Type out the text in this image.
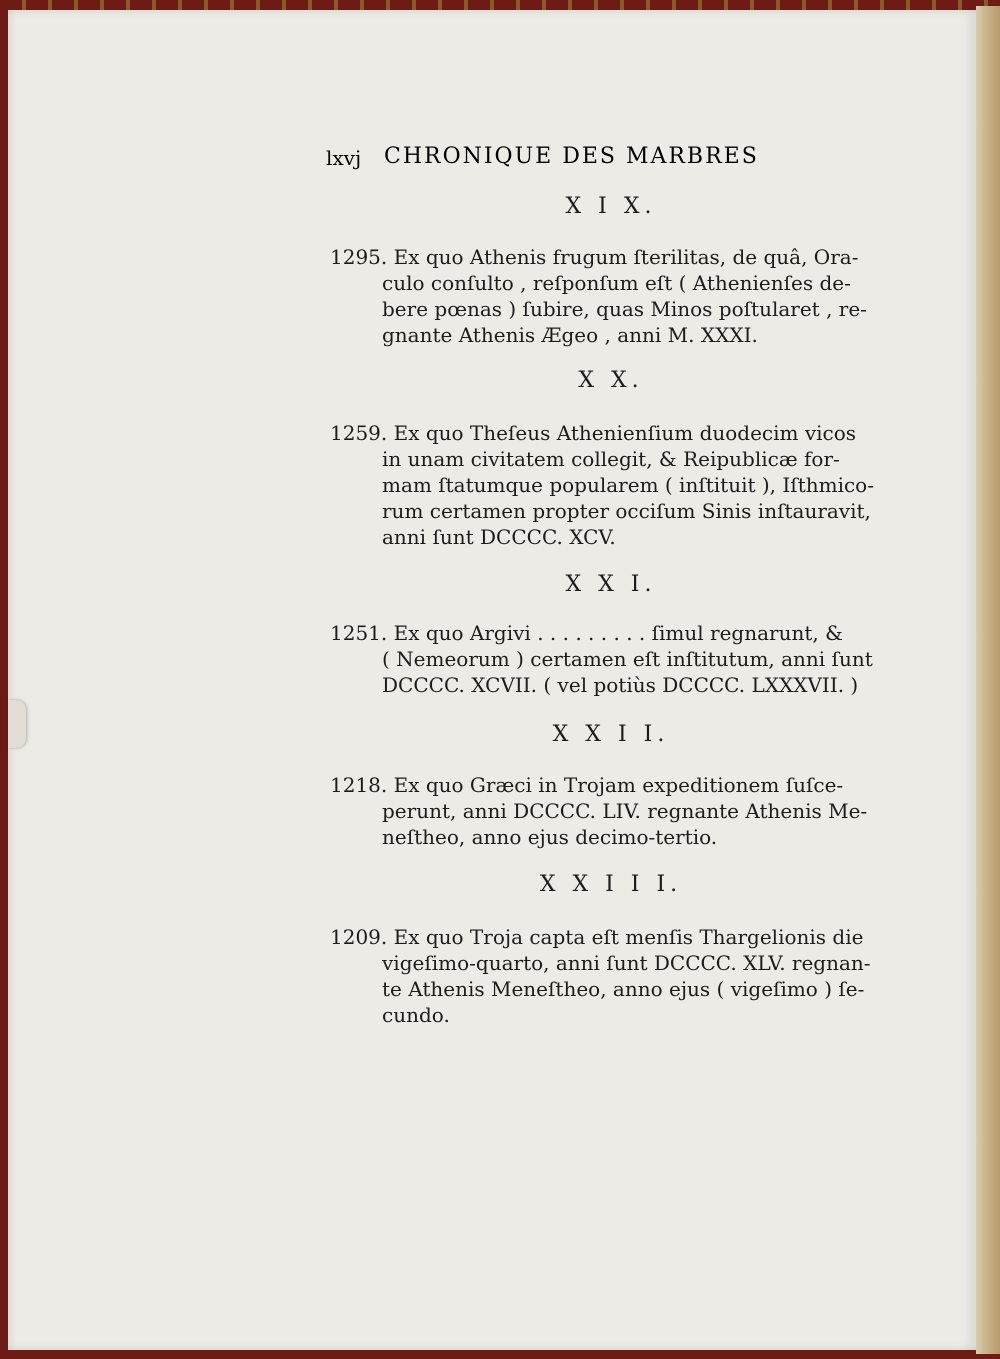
lxvj CHRONIQUE DES MARBRES
X I X.
1295. Ex quo Athenis frugum ſterilitas, de quâ, Ora-
culo conſulto , reſponſum eſt ( Athenienſes de-
bere pœnas ) ſubire, quas Minos poſtularet , re-
gnante Athenis Ægeo , anni M. XXXI.
X X.
1259. Ex quo Theſeus Athenienſium duodecim vicos
in unam civitatem collegit, & Reipublicæ for-
mam ſtatumque popularem ( inſtituit ), Iſthmico-
rum certamen propter occiſum Sinis inſtauravit,
anni ſunt DCCCC. XCV.
X X I.
1251. Ex quo Argivi . . . . . . . . . ſimul regnarunt, &
( Nemeorum ) certamen eſt inſtitutum, anni ſunt
DCCCC. XCVII. ( vel potiùs DCCCC. LXXXVII. )
X X I I.
1218. Ex quo Græci in Trojam expeditionem ſuſce-
perunt, anni DCCCC. LIV. regnante Athenis Me-
neſtheo, anno ejus decimo-tertio.
X X I I I.
1209. Ex quo Troja capta eſt menſis Thargelionis die
vigeſimo-quarto, anni ſunt DCCCC. XLV. regnan-
te Athenis Meneſtheo, anno ejus ( vigeſimo ) ſe-
cundo.
